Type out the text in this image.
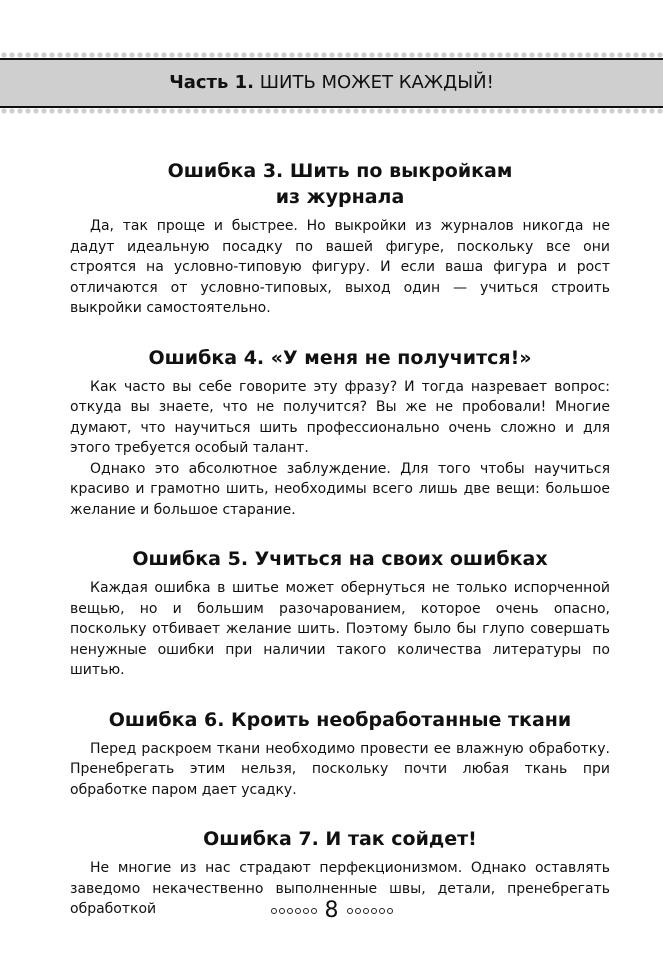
Часть 1. ШИТЬ МОЖЕТ КАЖДЫЙ!
Ошибка 3. Шить по выкройкам
из журнала

Да, так проще и быстрее. Но выкройки из журналов никогда не дадут идеальную посадку по вашей фигуре, поскольку все они строятся на условно-типовую фигуру. И если ваша фигура и рост отличаются от условно-типовых, выход один — учиться строить выкройки самостоятельно.

Ошибка 4. «У меня не получится!»

Как часто вы себе говорите эту фразу? И тогда назревает вопрос: откуда вы знаете, что не получится? Вы же не пробовали! Многие думают, что научиться шить профессионально очень сложно и для этого требуется особый талант.

Однако это абсолютное заблуждение. Для того чтобы научиться красиво и грамотно шить, необходимы всего лишь две вещи: большое желание и большое старание.

Ошибка 5. Учиться на своих ошибках

Каждая ошибка в шитье может обернуться не только испорченной вещью, но и большим разочарованием, которое очень опасно, поскольку отбивает желание шить. Поэтому было бы глупо совершать ненужные ошибки при наличии такого количества литературы по шитью.

Ошибка 6. Кроить необработанные ткани

Перед раскроем ткани необходимо провести ее влажную обработку. Пренебрегать этим нельзя, поскольку почти любая ткань при обработке паром дает усадку.

Ошибка 7. И так сойдет!

Не многие из нас страдают перфекционизмом. Однако оставлять заведомо некачественно выполненные швы, детали, пренебрегать обработкой	8
